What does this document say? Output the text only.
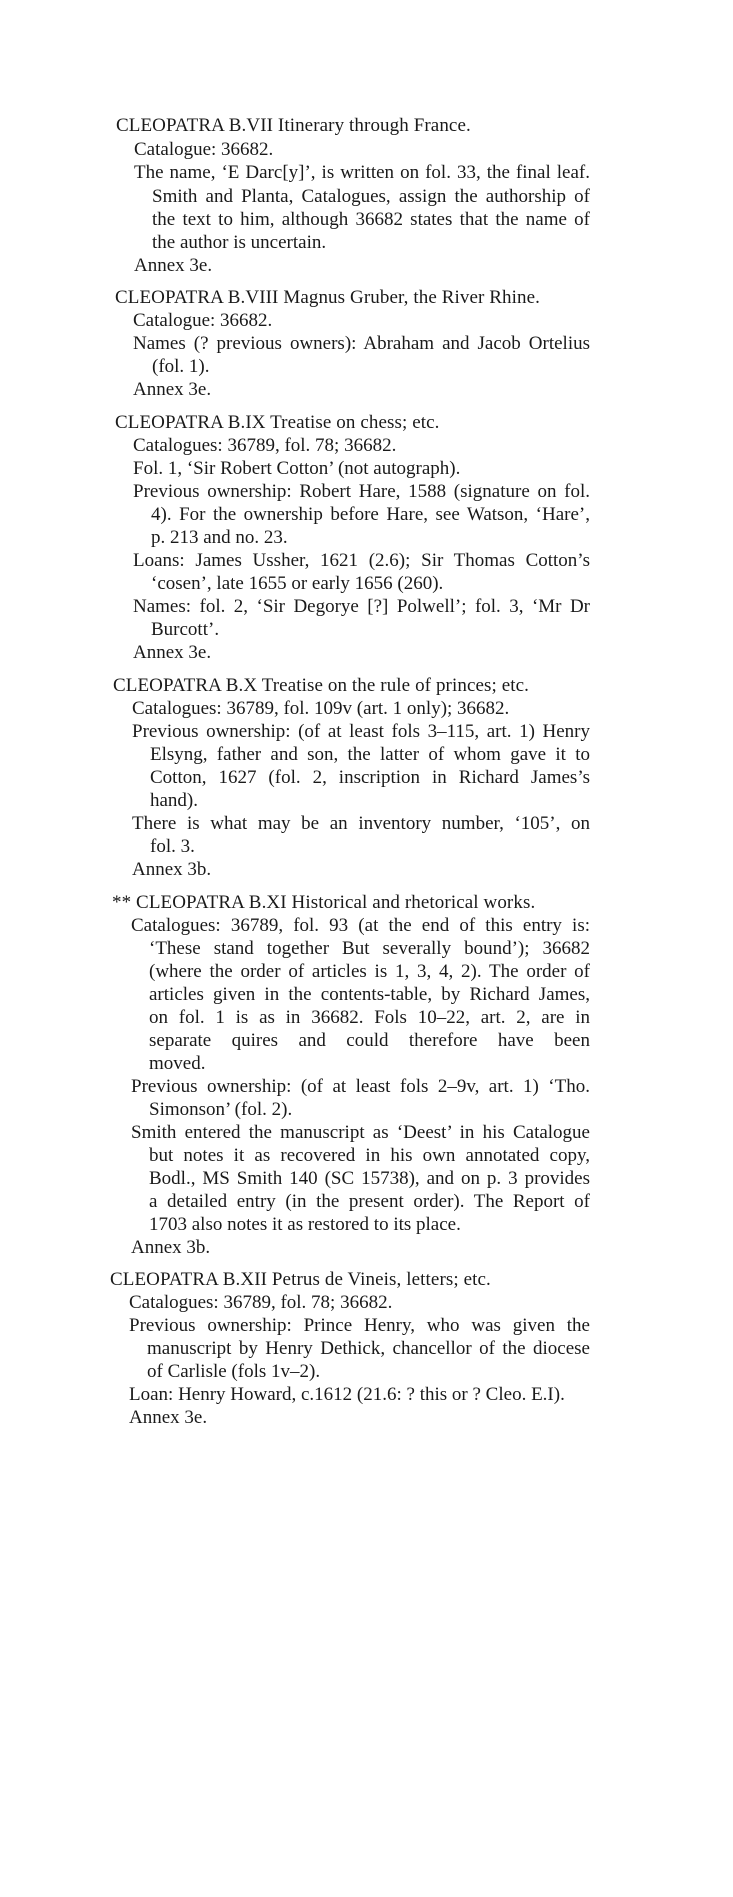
CLEOPATRA B.VII Itinerary through France.
Catalogue: 36682.
The name, ‘E Darc[y]’, is written on fol. 33, the final leaf.
Smith and Planta, Catalogues, assign the authorship of
the text to him, although 36682 states that the name of
the author is uncertain.
Annex 3e.
CLEOPATRA B.VIII Magnus Gruber, the River Rhine.
Catalogue: 36682.
Names (? previous owners): Abraham and Jacob Ortelius
(fol. 1).
Annex 3e.
CLEOPATRA B.IX Treatise on chess; etc.
Catalogues: 36789, fol. 78; 36682.
Fol. 1, ‘Sir Robert Cotton’ (not autograph).
Previous ownership: Robert Hare, 1588 (signature on fol.
4). For the ownership before Hare, see Watson, ‘Hare’,
p. 213 and no. 23.
Loans: James Ussher, 1621 (2.6); Sir Thomas Cotton’s
‘cosen’, late 1655 or early 1656 (260).
Names: fol. 2, ‘Sir Degorye [?] Polwell’; fol. 3, ‘Mr Dr
Burcott’.
Annex 3e.
CLEOPATRA B.X Treatise on the rule of princes; etc.
Catalogues: 36789, fol. 109v (art. 1 only); 36682.
Previous ownership: (of at least fols 3–115, art. 1) Henry
Elsyng, father and son, the latter of whom gave it to
Cotton, 1627 (fol. 2, inscription in Richard James’s
hand).
There is what may be an inventory number, ‘105’, on
fol. 3.
Annex 3b.
** CLEOPATRA B.XI Historical and rhetorical works.
Catalogues: 36789, fol. 93 (at the end of this entry is:
‘These stand together But severally bound’); 36682
(where the order of articles is 1, 3, 4, 2). The order of
articles given in the contents-table, by Richard James,
on fol. 1 is as in 36682. Fols 10–22, art. 2, are in
separate quires and could therefore have been
moved.
Previous ownership: (of at least fols 2–9v, art. 1) ‘Tho.
Simonson’ (fol. 2).
Smith entered the manuscript as ‘Deest’ in his Catalogue
but notes it as recovered in his own annotated copy,
Bodl., MS Smith 140 (SC 15738), and on p. 3 provides
a detailed entry (in the present order). The Report of
1703 also notes it as restored to its place.
Annex 3b.
CLEOPATRA B.XII Petrus de Vineis, letters; etc.
Catalogues: 36789, fol. 78; 36682.
Previous ownership: Prince Henry, who was given the
manuscript by Henry Dethick, chancellor of the diocese
of Carlisle (fols 1v–2).
Loan: Henry Howard, c.1612 (21.6: ? this or ? Cleo. E.I).
Annex 3e.
